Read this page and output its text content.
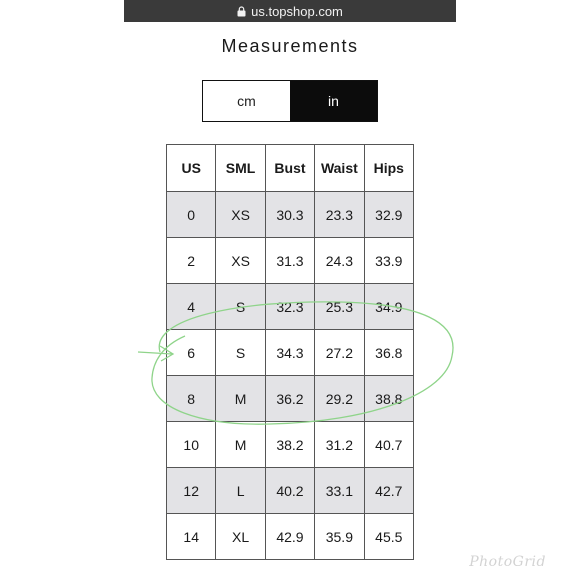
us.topshop.com
Measurements
cm	in
US	SML	Bust	Waist	Hips
0	XS	30.3	23.3	32.9
2	XS	31.3	24.3	33.9
4	S	32.3	25.3	34.9
6	S	34.3	27.2	36.8
8	M	36.2	29.2	38.8
10	M	38.2	31.2	40.7
12	L	40.2	33.1	42.7
14	XL	42.9	35.9	45.5
PhotoGrid
